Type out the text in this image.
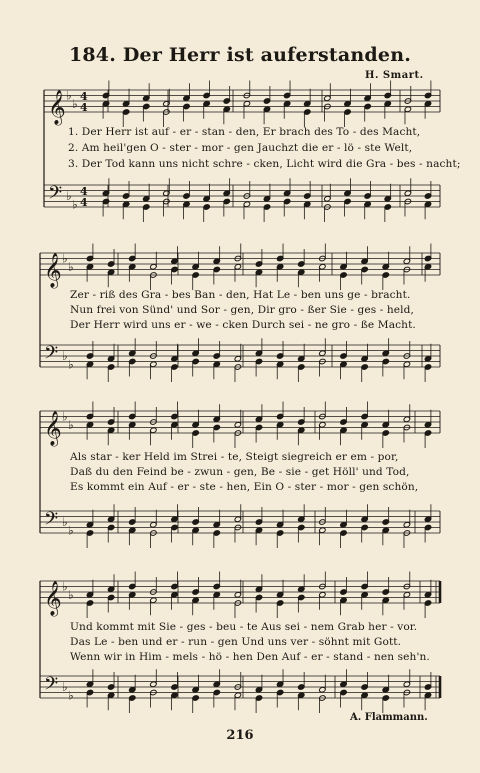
184. Der Herr ist auferstanden.
H. Smart.
𝄞
𝄢
♭
♭
♭
♭
4
4
4
4
𝄞
𝄢
♭
♭
♭
♭
𝄞
𝄢
♭
♭
♭
♭
𝄞
𝄢
♭
♭
♭
♭
1. Der Herr ist auf - er - stan - den, Er brach des To - des Macht,
2. Am heil'gen O - ster - mor - gen Jauchzt die er - lö - ste Welt,
3. Der Tod kann uns nicht schre - cken, Licht wird die Gra - bes - nacht;
Zer - riß des Gra - bes Ban - den, Hat Le - ben uns ge - bracht.
Nun frei von Sünd' und Sor - gen, Dir gro - ßer Sie - ges - held,
Der Herr wird uns er - we - cken Durch sei - ne gro - ße Macht.
Als star - ker Held im Strei - te, Steigt siegreich er em - por,
Daß du den Feind be - zwun - gen, Be - sie - get Höll' und Tod,
Es kommt ein Auf - er - ste - hen, Ein O - ster - mor - gen schön,
Und kommt mit Sie - ges - beu - te Aus sei - nem Grab her - vor.
Das Le - ben und er - run - gen Und uns ver - söhnt mit Gott.
Wenn wir in Him - mels - hö - hen Den Auf - er - stand - nen seh'n.
A. Flammann.
216
